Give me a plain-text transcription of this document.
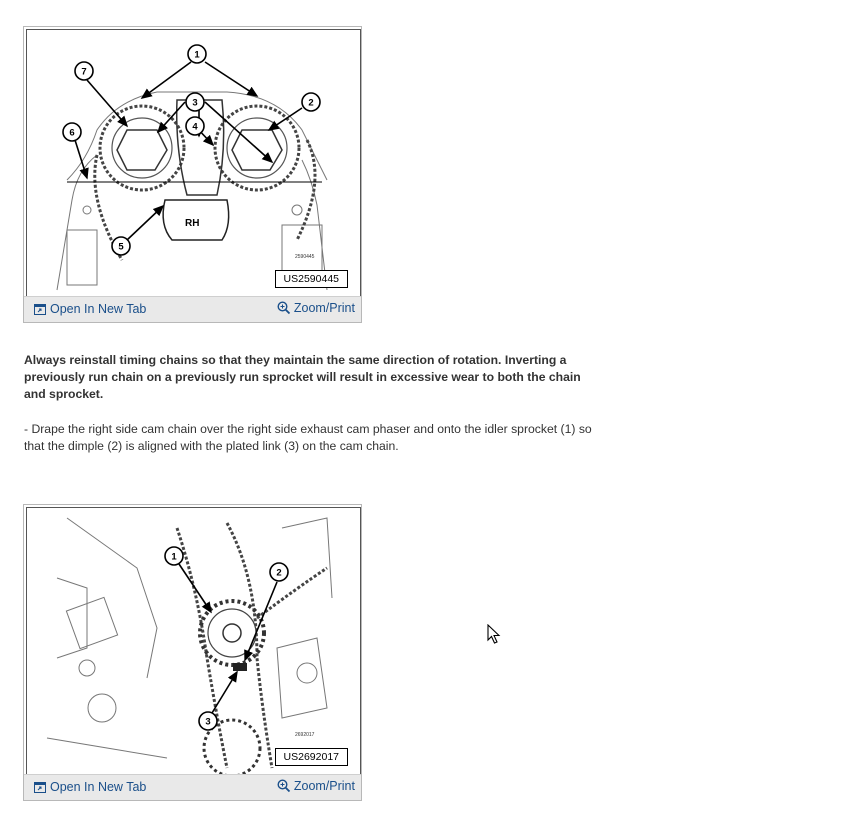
RH
1
2
3
4
5
6
7
2590445
US2590445
Open In New Tab	Zoom/Print
Always reinstall timing chains so that they maintain the same direction of rotation. Inverting a previously run chain on a previously run sprocket will result in excessive wear to both the chain and sprocket.
- Drape the right side cam chain over the right side exhaust cam phaser and onto the idler sprocket (1) so that the dimple (2) is aligned with the plated link (3) on the cam chain.
1
2
3
2692017
US2692017
Open In New Tab	Zoom/Print
